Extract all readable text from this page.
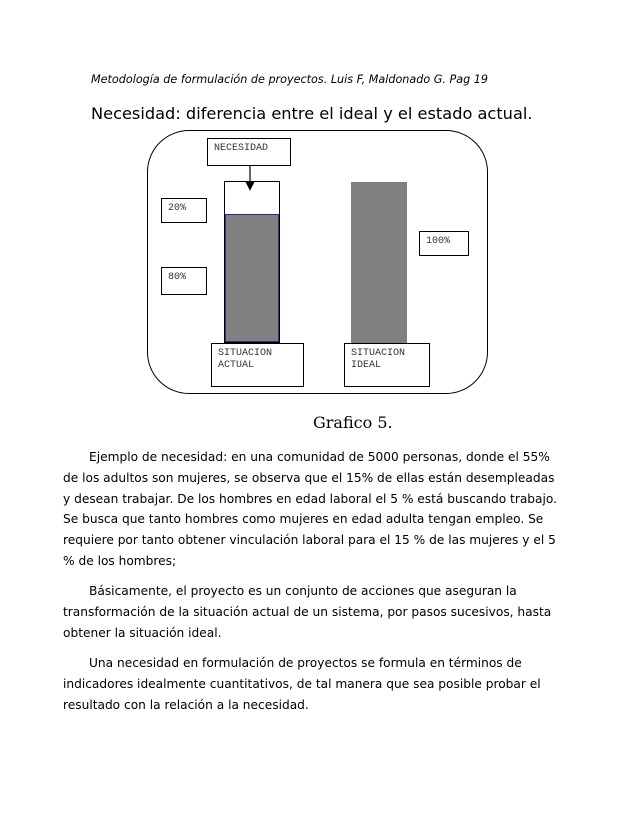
Metodología de formulación de proyectos. Luis F, Maldonado G. Pag 19
Necesidad: diferencia entre el ideal y el estado actual.
NECESIDAD
20%
80%
100%
SITUACION
ACTUAL
SITUACION
IDEAL
Grafico 5.

Ejemplo de necesidad: en una comunidad de 5000 personas, donde el 55% de los adultos son mujeres, se observa que el 15% de ellas están desempleadas y desean trabajar. De los hombres en edad laboral el 5 % está buscando trabajo. Se busca que tanto hombres como mujeres en edad adulta tengan empleo. Se requiere por tanto obtener vinculación laboral para el 15 % de las mujeres y el 5 % de los hombres;

Básicamente, el proyecto es un conjunto de acciones que aseguran la transformación de la situación actual de un sistema, por pasos sucesivos, hasta obtener la situación ideal.

Una necesidad en formulación de proyectos se formula en términos de indicadores idealmente cuantitativos, de tal manera que sea posible probar el resultado con la relación a la necesidad.
